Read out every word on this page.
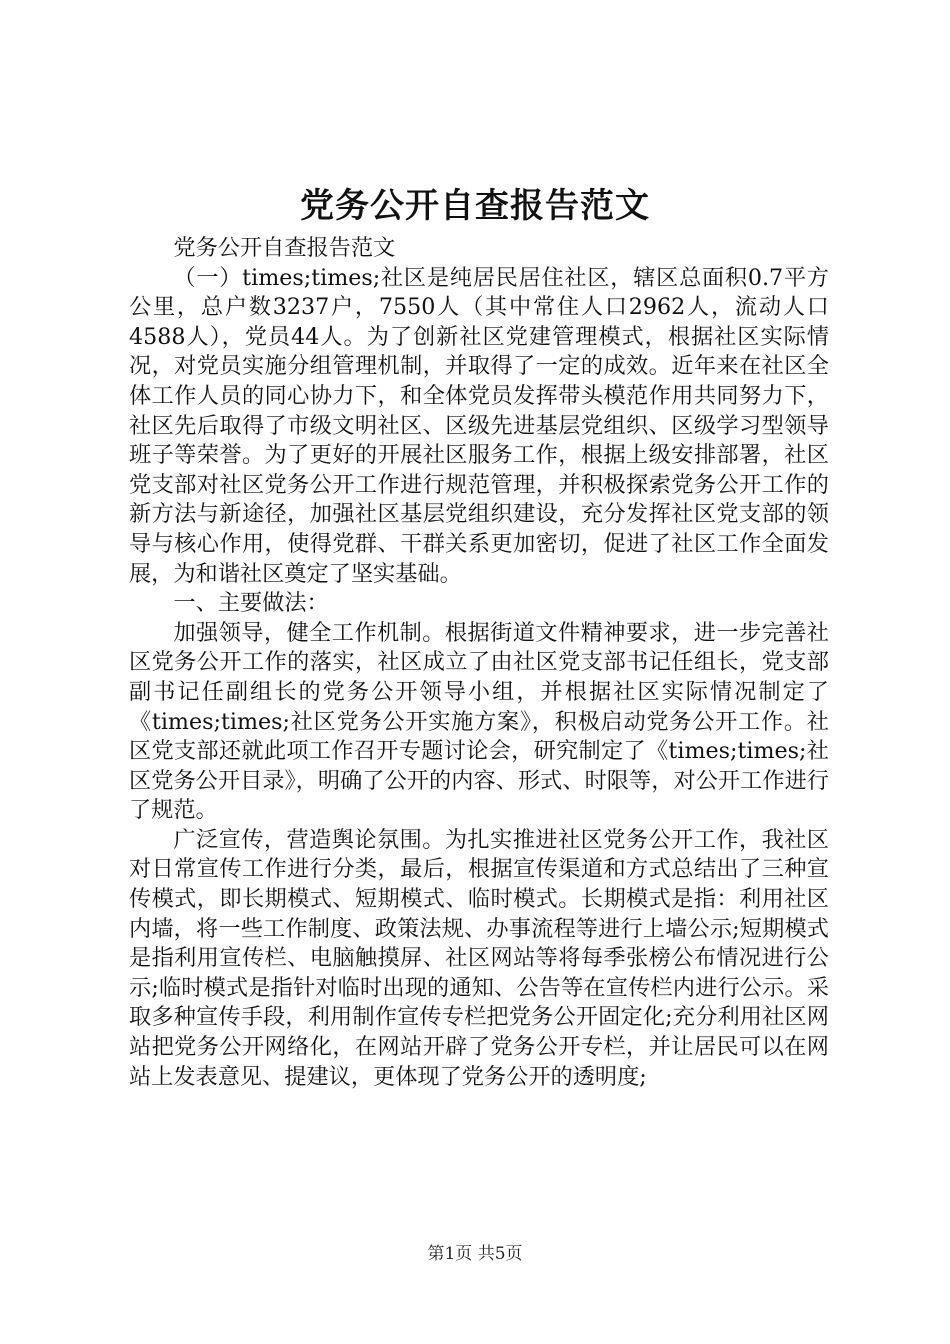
党务公开自查报告范文

党务公开自查报告范文

（一）times;times;社区是纯居民居住社区，辖区总面积0.7平方公里，总户数3237户，7550人（其中常住人口2962人，流动人口4588人），党员44人。为了创新社区党建管理模式，根据社区实际情况，对党员实施分组管理机制，并取得了一定的成效。近年来在社区全体工作人员的同心协力下，和全体党员发挥带头模范作用共同努力下，社区先后取得了市级文明社区、区级先进基层党组织、区级学习型领导班子等荣誉。为了更好的开展社区服务工作，根据上级安排部署，社区党支部对社区党务公开工作进行规范管理，并积极探索党务公开工作的新方法与新途径，加强社区基层党组织建设，充分发挥社区党支部的领导与核心作用，使得党群、干群关系更加密切，促进了社区工作全面发展，为和谐社区奠定了坚实基础。

一、主要做法：

加强领导，健全工作机制。根据街道文件精神要求，进一步完善社区党务公开工作的落实，社区成立了由社区党支部书记任组长，党支部副书记任副组长的党务公开领导小组，并根据社区实际情况制定了《times;times;社区党务公开实施方案》，积极启动党务公开工作。社区党支部还就此项工作召开专题讨论会，研究制定了《times;times;社区党务公开目录》，明确了公开的内容、形式、时限等，对公开工作进行了规范。

广泛宣传，营造舆论氛围。为扎实推进社区党务公开工作，我社区对日常宣传工作进行分类，最后，根据宣传渠道和方式总结出了三种宣传模式，即长期模式、短期模式、临时模式。长期模式是指：利用社区内墙，将一些工作制度、政策法规、办事流程等进行上墙公示;短期模式是指利用宣传栏、电脑触摸屏、社区网站等将每季张榜公布情况进行公示;临时模式是指针对临时出现的通知、公告等在宣传栏内进行公示。采取多种宣传手段，利用制作宣传专栏把党务公开固定化;充分利用社区网站把党务公开网络化，在网站开辟了党务公开专栏，并让居民可以在网站上发表意见、提建议，更体现了党务公开的透明度;

第1页 共5页
